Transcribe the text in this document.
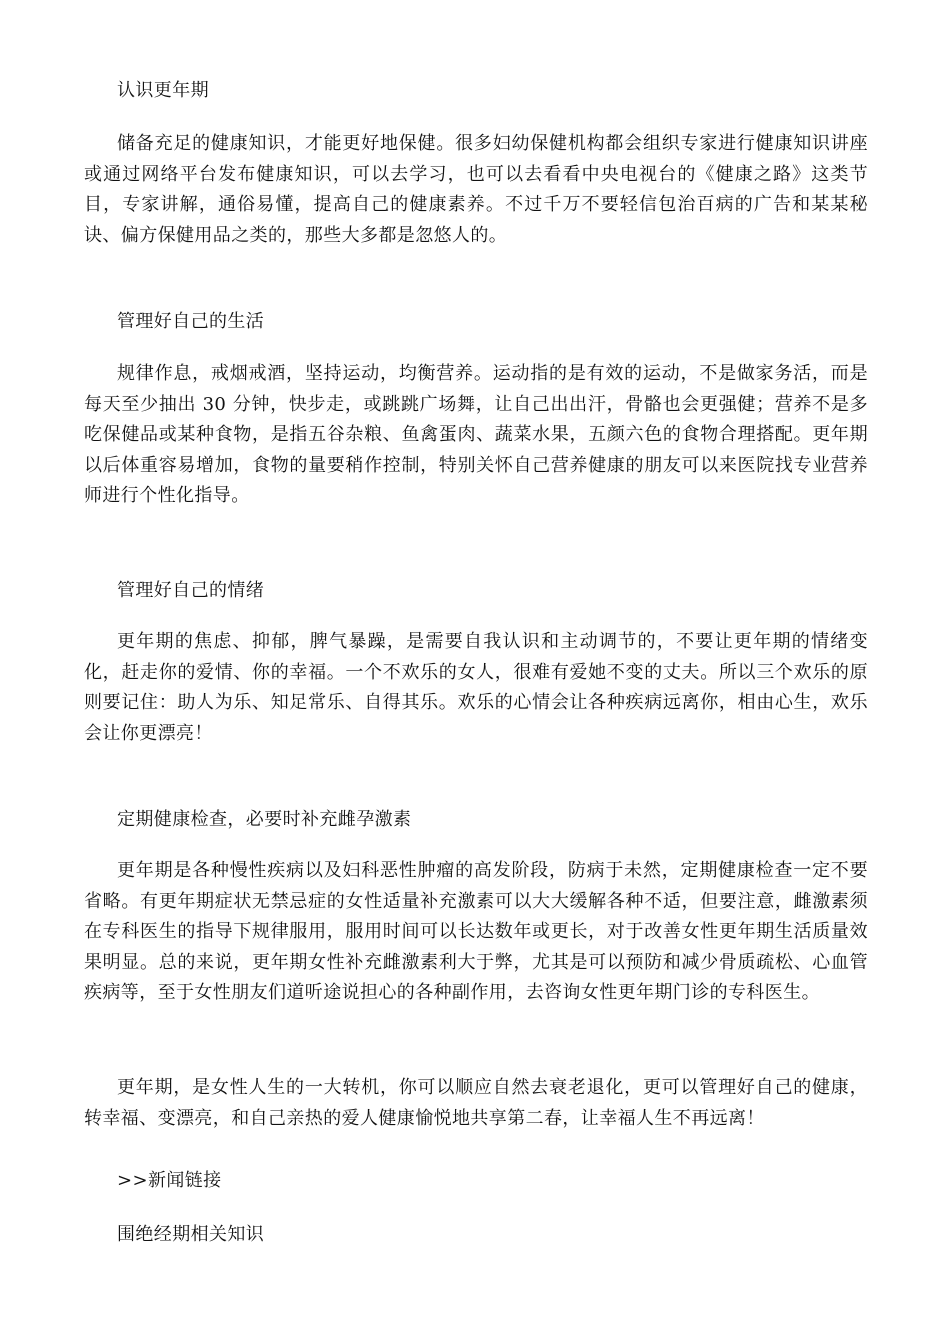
认识更年期

储备充足的健康知识，才能更好地保健。很多妇幼保健机构都会组织专家进行健康知识讲座或通过网络平台发布健康知识，可以去学习，也可以去看看中央电视台的《健康之路》这类节目，专家讲解，通俗易懂，提高自己的健康素养。不过千万不要轻信包治百病的广告和某某秘诀、偏方保健用品之类的，那些大多都是忽悠人的。

管理好自己的生活

规律作息，戒烟戒酒，坚持运动，均衡营养。运动指的是有效的运动，不是做家务活，而是每天至少抽出 30 分钟，快步走，或跳跳广场舞，让自己出出汗，骨骼也会更强健；营养不是多吃保健品或某种食物，是指五谷杂粮、鱼禽蛋肉、蔬菜水果，五颜六色的食物合理搭配。更年期以后体重容易增加，食物的量要稍作控制，特别关怀自己营养健康的朋友可以来医院找专业营养师进行个性化指导。

管理好自己的情绪

更年期的焦虑、抑郁，脾气暴躁，是需要自我认识和主动调节的，不要让更年期的情绪变化，赶走你的爱情、你的幸福。一个不欢乐的女人，很难有爱她不变的丈夫。所以三个欢乐的原则要记住：助人为乐、知足常乐、自得其乐。欢乐的心情会让各种疾病远离你，相由心生，欢乐会让你更漂亮！

定期健康检查，必要时补充雌孕激素

更年期是各种慢性疾病以及妇科恶性肿瘤的高发阶段，防病于未然，定期健康检查一定不要省略。有更年期症状无禁忌症的女性适量补充激素可以大大缓解各种不适，但要注意，雌激素须在专科医生的指导下规律服用，服用时间可以长达数年或更长，对于改善女性更年期生活质量效果明显。总的来说，更年期女性补充雌激素利大于弊，尤其是可以预防和减少骨质疏松、心血管疾病等，至于女性朋友们道听途说担心的各种副作用，去咨询女性更年期门诊的专科医生。

更年期，是女性人生的一大转机，你可以顺应自然去衰老退化，更可以管理好自己的健康，转幸福、变漂亮，和自己亲热的爱人健康愉悦地共享第二春，让幸福人生不再远离！

>>新闻链接

围绝经期相关知识
